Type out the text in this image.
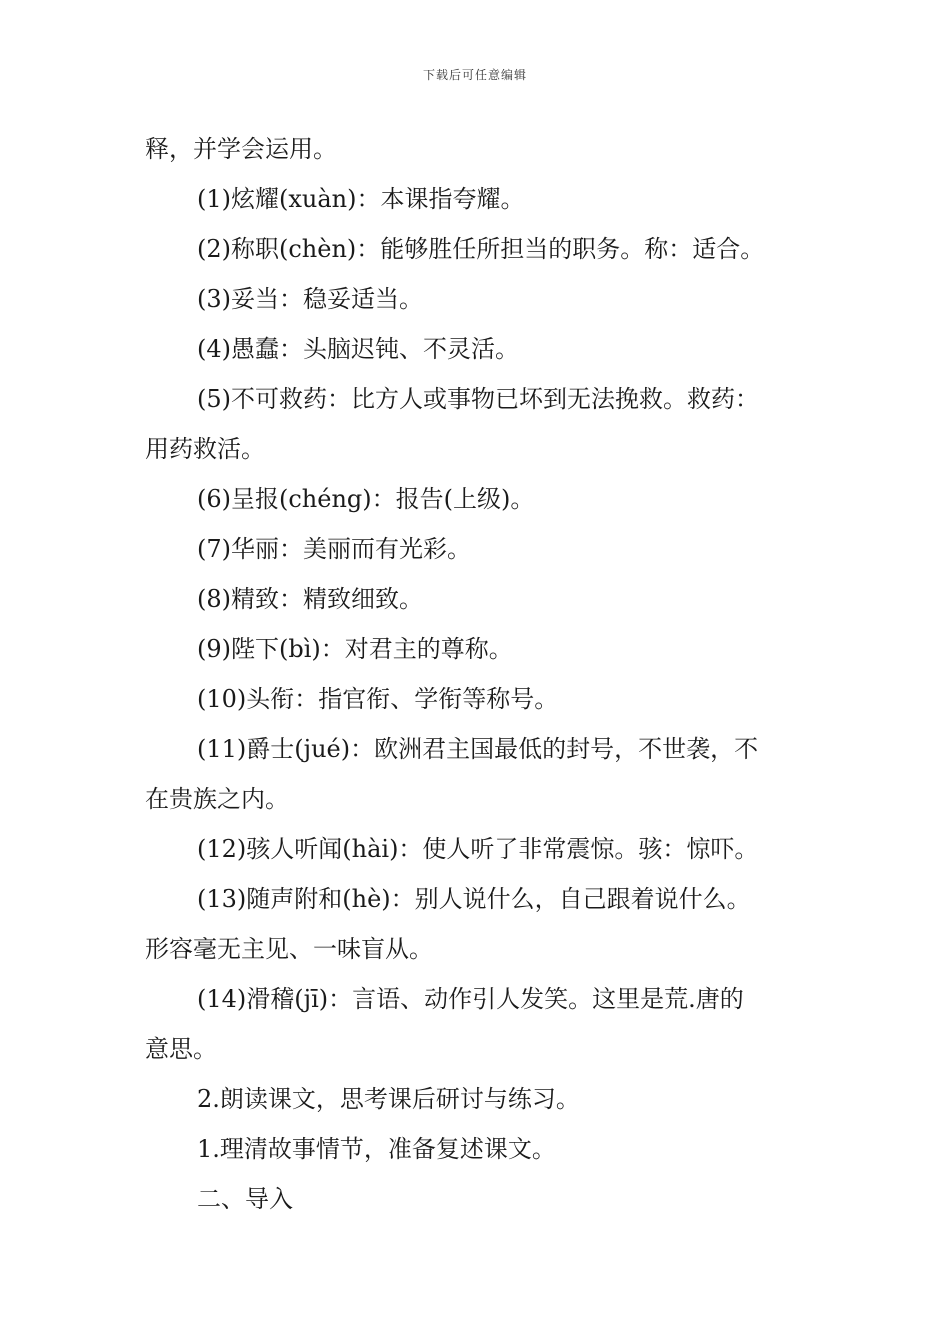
下载后可任意编辑
释，并学会运用。
(1)炫耀(xuàn)：本课指夸耀。
(2)称职(chèn)：能够胜任所担当的职务。称：适合。
(3)妥当：稳妥适当。
(4)愚蠢：头脑迟钝、不灵活。
(5)不可救药：比方人或事物已坏到无法挽救。救药：
用药救活。
(6)呈报(chéng)：报告(上级)。
(7)华丽：美丽而有光彩。
(8)精致：精致细致。
(9)陛下(bì)：对君主的尊称。
(10)头衔：指官衔、学衔等称号。
(11)爵士(jué)：欧洲君主国最低的封号，不世袭，不
在贵族之内。
(12)骇人听闻(hài)：使人听了非常震惊。骇：惊吓。
(13)随声附和(hè)：别人说什么，自己跟着说什么。
形容毫无主见、一味盲从。
(14)滑稽(jī)：言语、动作引人发笑。这里是荒.唐的
意思。
2.朗读课文，思考课后研讨与练习。
1.理清故事情节，准备复述课文。
二、导入
